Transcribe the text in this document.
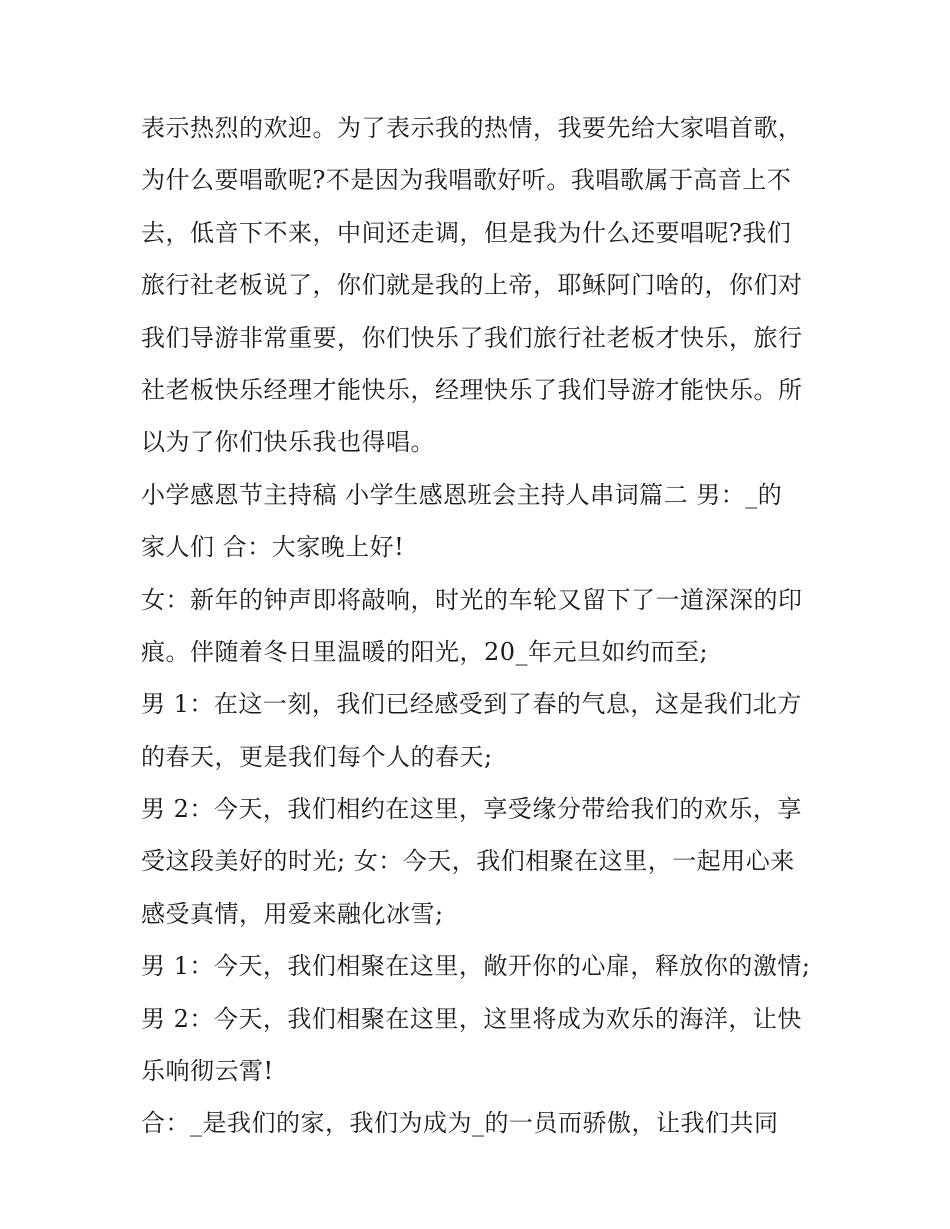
表示热烈的欢迎。为了表示我的热情，我要先给大家唱首歌，
为什么要唱歌呢?不是因为我唱歌好听。我唱歌属于高音上不
去，低音下不来，中间还走调，但是我为什么还要唱呢?我们
旅行社老板说了，你们就是我的上帝，耶稣阿门啥的，你们对
我们导游非常重要，你们快乐了我们旅行社老板才快乐，旅行
社老板快乐经理才能快乐，经理快乐了我们导游才能快乐。所
以为了你们快乐我也得唱。
小学感恩节主持稿 小学生感恩班会主持人串词篇二 男：_的
家人们 合：大家晚上好!
女：新年的钟声即将敲响，时光的车轮又留下了一道深深的印
痕。伴随着冬日里温暖的阳光，20_年元旦如约而至;
男 1：在这一刻，我们已经感受到了春的气息，这是我们北方
的春天，更是我们每个人的春天;
男 2：今天，我们相约在这里，享受缘分带给我们的欢乐，享
受这段美好的时光; 女：今天，我们相聚在这里，一起用心来
感受真情，用爱来融化冰雪;
男 1：今天，我们相聚在这里，敞开你的心扉，释放你的激情;
男 2：今天，我们相聚在这里，这里将成为欢乐的海洋，让快
乐响彻云霄!
合：_是我们的家，我们为成为_的一员而骄傲，让我们共同
